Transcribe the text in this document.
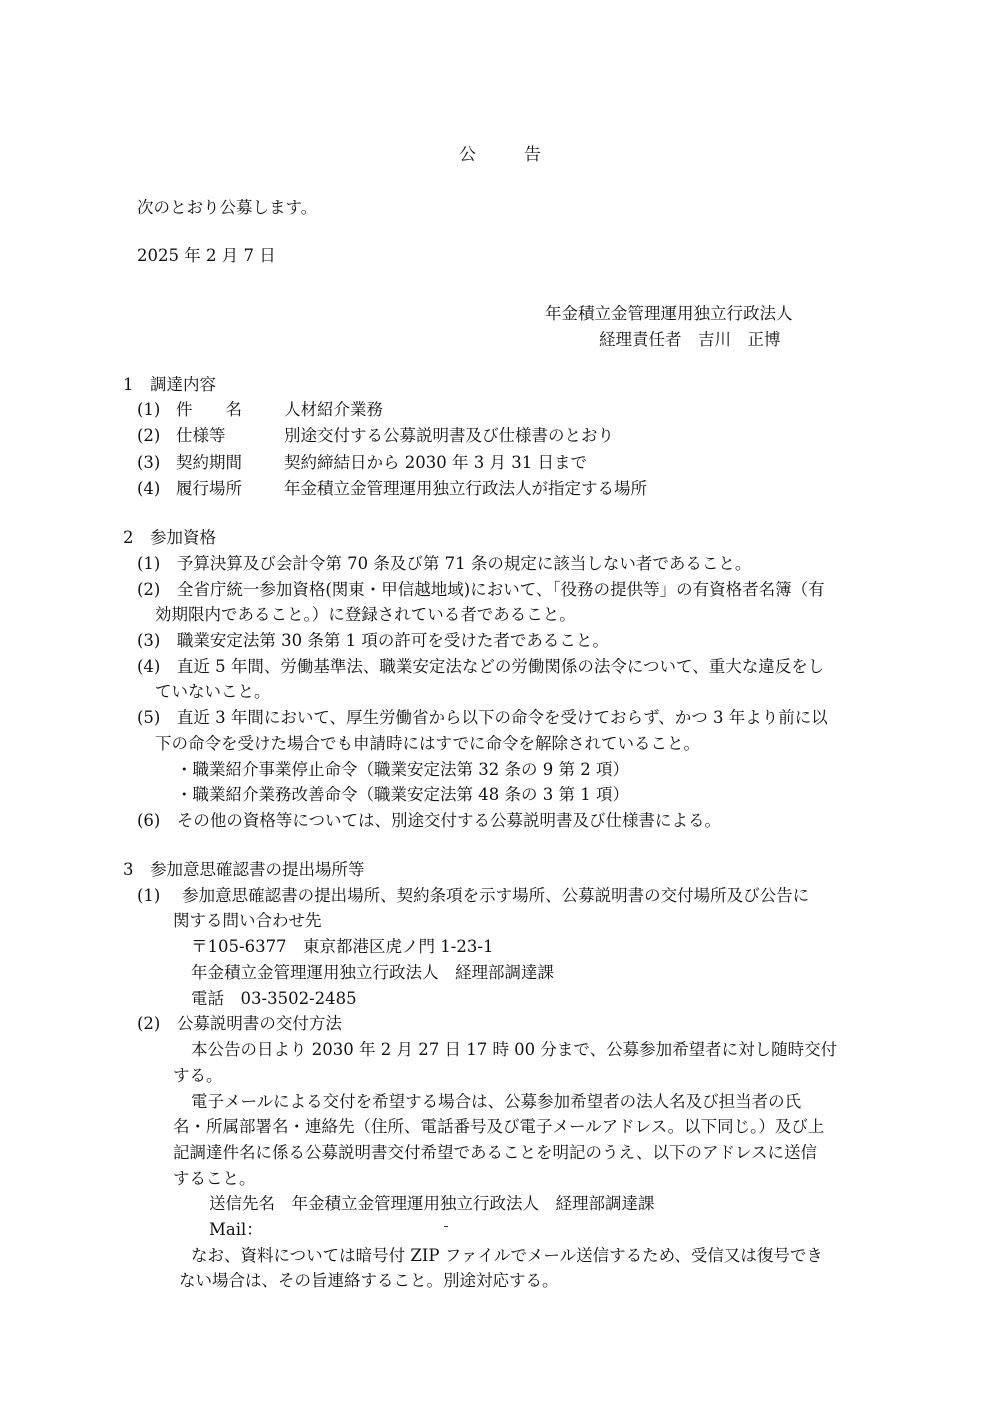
公	告
次のとおり公募します。
2025 年 2 月 7 日
年金積立金管理運用独立行政法人
経理責任者　吉川　正博
1　調達内容
(1) 件　　名	人材紹介業務
(2) 仕様等	別途交付する公募説明書及び仕様書のとおり
(3) 契約期間	契約締結日から 2030 年 3 月 31 日まで
(4) 履行場所	年金積立金管理運用独立行政法人が指定する場所
2　参加資格
(1)　予算決算及び会計令第 70 条及び第 71 条の規定に該当しない者であること。
(2)　全省庁統一参加資格(関東・甲信越地域)において、「役務の提供等」の有資格者名簿（有
効期限内であること。）に登録されている者であること。
(3)　職業安定法第 30 条第 1 項の許可を受けた者であること。
(4)　直近 5 年間、労働基準法、職業安定法などの労働関係の法令について、重大な違反をし
ていないこと。
(5)　直近 3 年間において、厚生労働省から以下の命令を受けておらず、かつ 3 年より前に以
下の命令を受けた場合でも申請時にはすでに命令を解除されていること。
・職業紹介事業停止命令（職業安定法第 32 条の 9 第 2 項）
・職業紹介業務改善命令（職業安定法第 48 条の 3 第 1 項）
(6)　その他の資格等については、別途交付する公募説明書及び仕様書による。
3　参加意思確認書の提出場所等
(1)　 参加意思確認書の提出場所、契約条項を示す場所、公募説明書の交付場所及び公告に
関する問い合わせ先
〒105-6377　東京都港区虎ノ門 1-23-1
年金積立金管理運用独立行政法人　経理部調達課
電話　03-3502-2485
(2)　公募説明書の交付方法
本公告の日より 2030 年 2 月 27 日 17 時 00 分まで、公募参加希望者に対し随時交付
する。
電子メールによる交付を希望する場合は、公募参加希望者の法人名及び担当者の氏
名・所属部署名・連絡先（住所、電話番号及び電子メールアドレス。以下同じ。）及び上
記調達件名に係る公募説明書交付希望であることを明記のうえ、以下のアドレスに送信
すること。
送信先名　年金積立金管理運用独立行政法人　経理部調達課
Mail：
なお、資料については暗号付 ZIP ファイルでメール送信するため、受信又は復号でき
ない場合は、その旨連絡すること。別途対応する。
